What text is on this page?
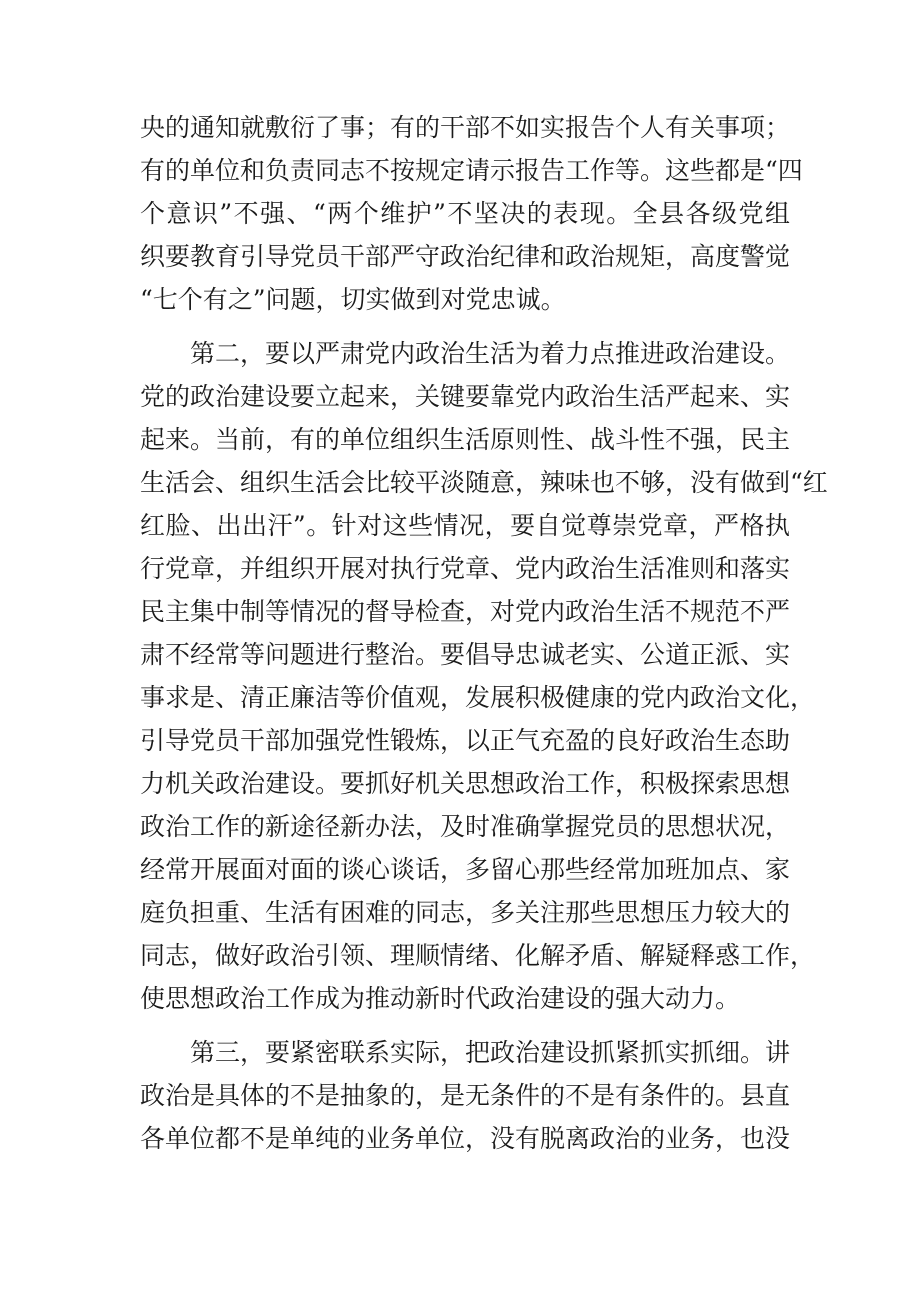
央的通知就敷衍了事；有的干部不如实报告个人有关事项；
有的单位和负责同志不按规定请示报告工作等。这些都是“四
个意识”不强、“两个维护”不坚决的表现。全县各级党组
织要教育引导党员干部严守政治纪律和政治规矩，高度警觉
“七个有之”问题，切实做到对党忠诚。
第二，要以严肃党内政治生活为着力点推进政治建设。
党的政治建设要立起来，关键要靠党内政治生活严起来、实
起来。当前，有的单位组织生活原则性、战斗性不强，民主
生活会、组织生活会比较平淡随意，辣味也不够，没有做到“红
红脸、出出汗”。针对这些情况，要自觉尊崇党章，严格执
行党章，并组织开展对执行党章、党内政治生活准则和落实
民主集中制等情况的督导检查，对党内政治生活不规范不严
肃不经常等问题进行整治。要倡导忠诚老实、公道正派、实
事求是、清正廉洁等价值观，发展积极健康的党内政治文化，
引导党员干部加强党性锻炼，以正气充盈的良好政治生态助
力机关政治建设。要抓好机关思想政治工作，积极探索思想
政治工作的新途径新办法，及时准确掌握党员的思想状况，
经常开展面对面的谈心谈话，多留心那些经常加班加点、家
庭负担重、生活有困难的同志，多关注那些思想压力较大的
同志，做好政治引领、理顺情绪、化解矛盾、解疑释惑工作，
使思想政治工作成为推动新时代政治建设的强大动力。
第三，要紧密联系实际，把政治建设抓紧抓实抓细。讲
政治是具体的不是抽象的，是无条件的不是有条件的。县直
各单位都不是单纯的业务单位，没有脱离政治的业务，也没
